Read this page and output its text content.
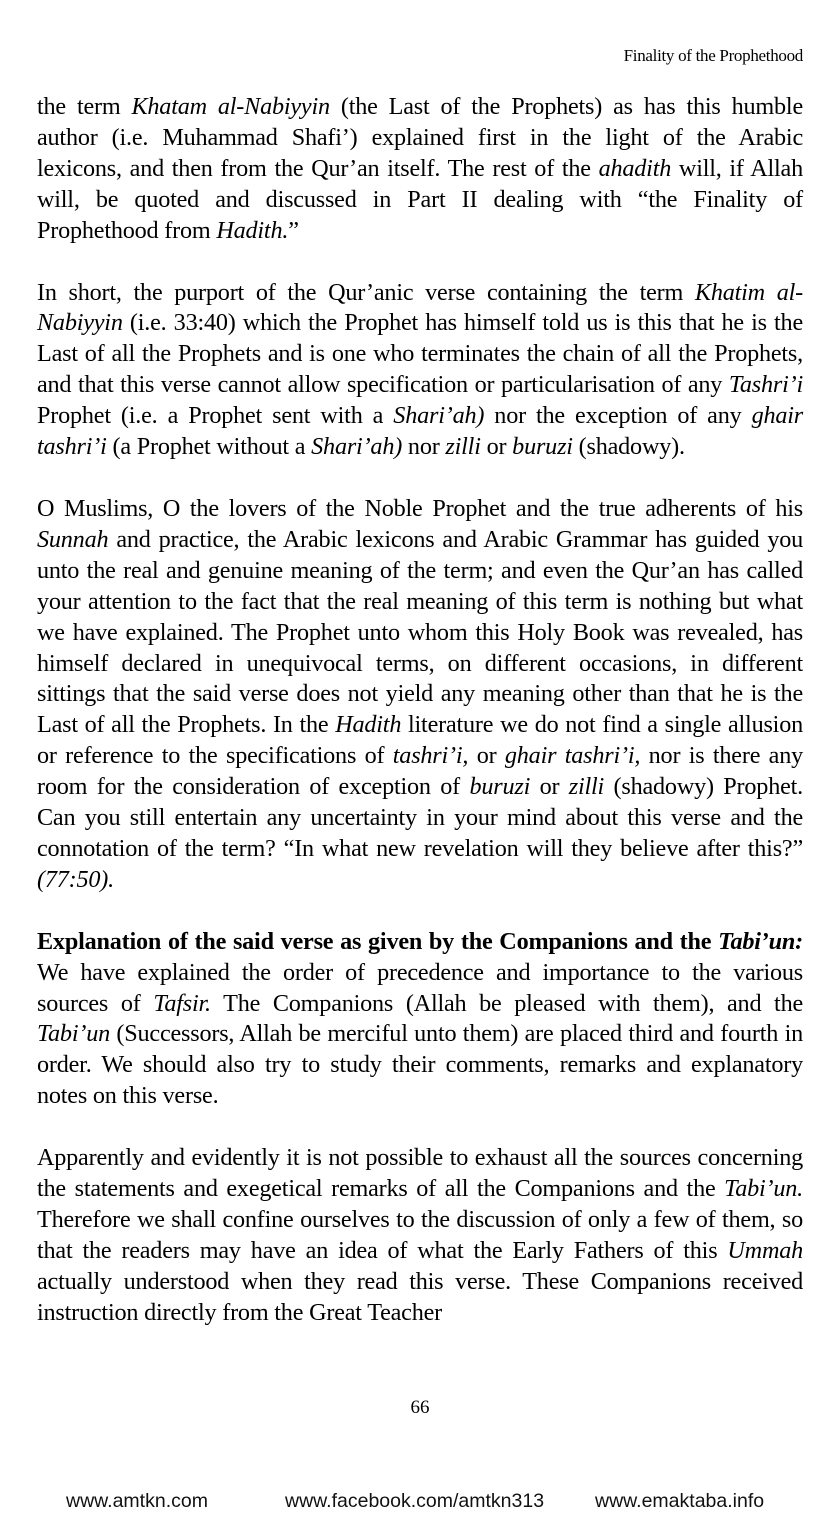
Finality of the Prophethood

the term Khatam al-Nabiyyin (the Last of the Prophets) as has this humble author (i.e. Muhammad Shafi’) explained first in the light of the Arabic lexicons, and then from the Qur’an itself. The rest of the ahadith will, if Allah will, be quoted and discussed in Part II dealing with “the Finality of Prophethood from Hadith.”

In short, the purport of the Qur’anic verse containing the term Khatim al-Nabiyyin (i.e. 33:40) which the Prophet has himself told us is this that he is the Last of all the Prophets and is one who terminates the chain of all the Prophets, and that this verse cannot allow specification or particularisation of any Tashri’i Prophet (i.e. a Prophet sent with a Shari’ah) nor the exception of any ghair tashri’i (a Prophet without a Shari’ah) nor zilli or buruzi (shadowy).

O Muslims, O the lovers of the Noble Prophet and the true adherents of his Sunnah and practice, the Arabic lexicons and Arabic Grammar has guided you unto the real and genuine meaning of the term; and even the Qur’an has called your attention to the fact that the real meaning of this term is nothing but what we have explained. The Prophet unto whom this Holy Book was revealed, has himself declared in unequivocal terms, on different occasions, in different sittings that the said verse does not yield any meaning other than that he is the Last of all the Prophets. In the Hadith literature we do not find a single allusion or reference to the specifications of tashri’i, or ghair tashri’i, nor is there any room for the consideration of exception of buruzi or zilli (shadowy) Prophet. Can you still entertain any uncertainty in your mind about this verse and the connotation of the term? “In what new revelation will they believe after this?” (77:50).

Explanation of the said verse as given by the Companions and the Tabi’un: We have explained the order of precedence and importance to the various sources of Tafsir. The Companions (Allah be pleased with them), and the Tabi’un (Successors, Allah be merciful unto them) are placed third and fourth in order. We should also try to study their comments, remarks and explanatory notes on this verse.

Apparently and evidently it is not possible to exhaust all the sources concerning the statements and exegetical remarks of all the Companions and the Tabi’un. Therefore we shall confine ourselves to the discussion of only a few of them, so that the readers may have an idea of what the Early Fathers of this Ummah actually understood when they read this verse. These Companions received instruction directly from the Great Teacher

66
www.amtkn.com	www.facebook.com/amtkn313	www.emaktaba.info
